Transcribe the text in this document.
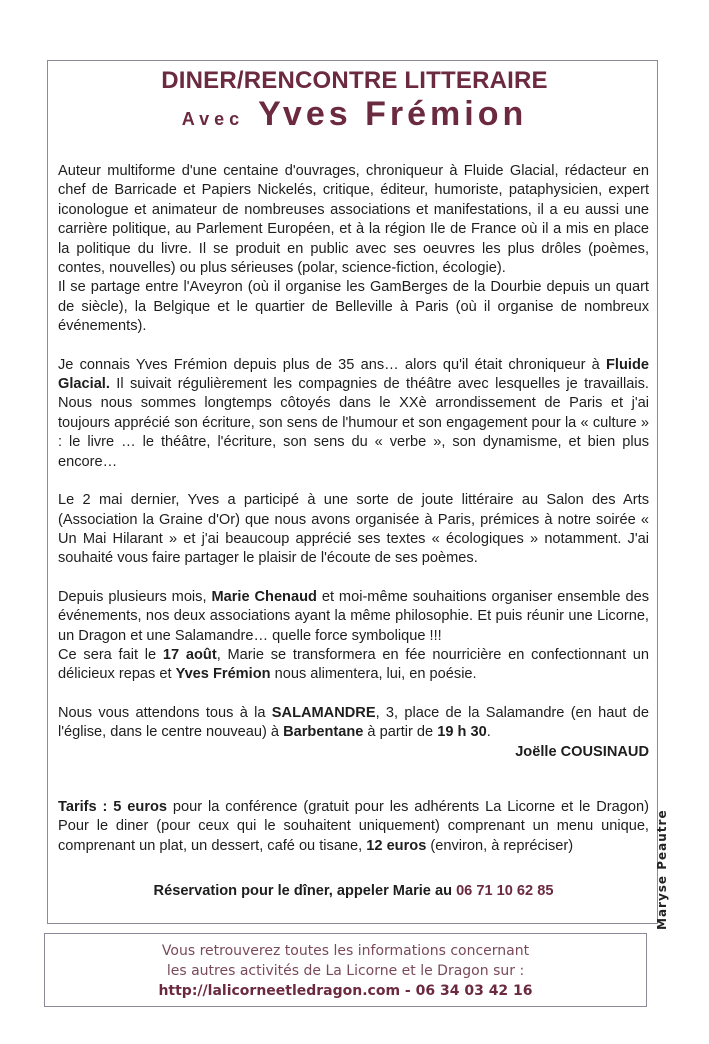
DINER/RENCONTRE LITTERAIRE
Avec Yves Frémion

Auteur multiforme d'une centaine d'ouvrages, chroniqueur à Fluide Glacial, rédacteur en chef de Barricade et Papiers Nickelés, critique, éditeur, humoriste, pataphysicien, expert iconologue et animateur de nombreuses associations et manifestations, il a eu aussi une carrière politique, au Parlement Européen, et à la région Ile de France où il a mis en place la politique du livre. Il se produit en public avec ses oeuvres les plus drôles (poèmes, contes, nouvelles) ou plus sérieuses (polar, science-fiction, écologie).

Il se partage entre l'Aveyron (où il organise les GamBerges de la Dourbie depuis un quart de siècle), la Belgique et le quartier de Belleville à Paris (où il organise de nombreux événements).

Je connais Yves Frémion depuis plus de 35 ans… alors qu'il était chroniqueur à Fluide Glacial. Il suivait régulièrement les compagnies de théâtre avec lesquelles je travaillais. Nous nous sommes longtemps côtoyés dans le XXè arrondissement de Paris et j'ai toujours apprécié son écriture, son sens de l'humour et son engagement pour la « culture » : le livre … le théâtre, l'écriture, son sens du « verbe », son dynamisme, et bien plus encore…

Le 2 mai dernier, Yves a participé à une sorte de joute littéraire au Salon des Arts (Association la Graine d'Or) que nous avons organisée à Paris, prémices à notre soirée « Un Mai Hilarant » et j'ai beaucoup apprécié ses textes « écologiques » notamment. J'ai souhaité vous faire partager le plaisir de l'écoute de ses poèmes.

Depuis plusieurs mois, Marie Chenaud et moi-même souhaitions organiser ensemble des événements, nos deux associations ayant la même philosophie. Et puis réunir une Licorne, un Dragon et une Salamandre… quelle force symbolique !!!

Ce sera fait le 17 août, Marie se transformera en fée nourricière en confectionnant un délicieux repas et Yves Frémion nous alimentera, lui, en poésie.

Nous vous attendons tous à la SALAMANDRE, 3, place de la Salamandre (en haut de l'église, dans le centre nouveau) à Barbentane à partir de 19 h 30.

Joëlle COUSINAUD

Tarifs : 5 euros pour la conférence (gratuit pour les adhérents La Licorne et le Dragon) Pour le diner (pour ceux qui le souhaitent uniquement) comprenant un menu unique, comprenant un plat, un dessert, café ou tisane, 12 euros (environ, à repréciser)

Réservation pour le dîner, appeler Marie au 06 71 10 62 85

Vous retrouverez toutes les informations concernant
les autres activités de La Licorne et le Dragon sur :
http://lalicorneetledragon.com - 06 34 03 42 16
Maryse Peautre
